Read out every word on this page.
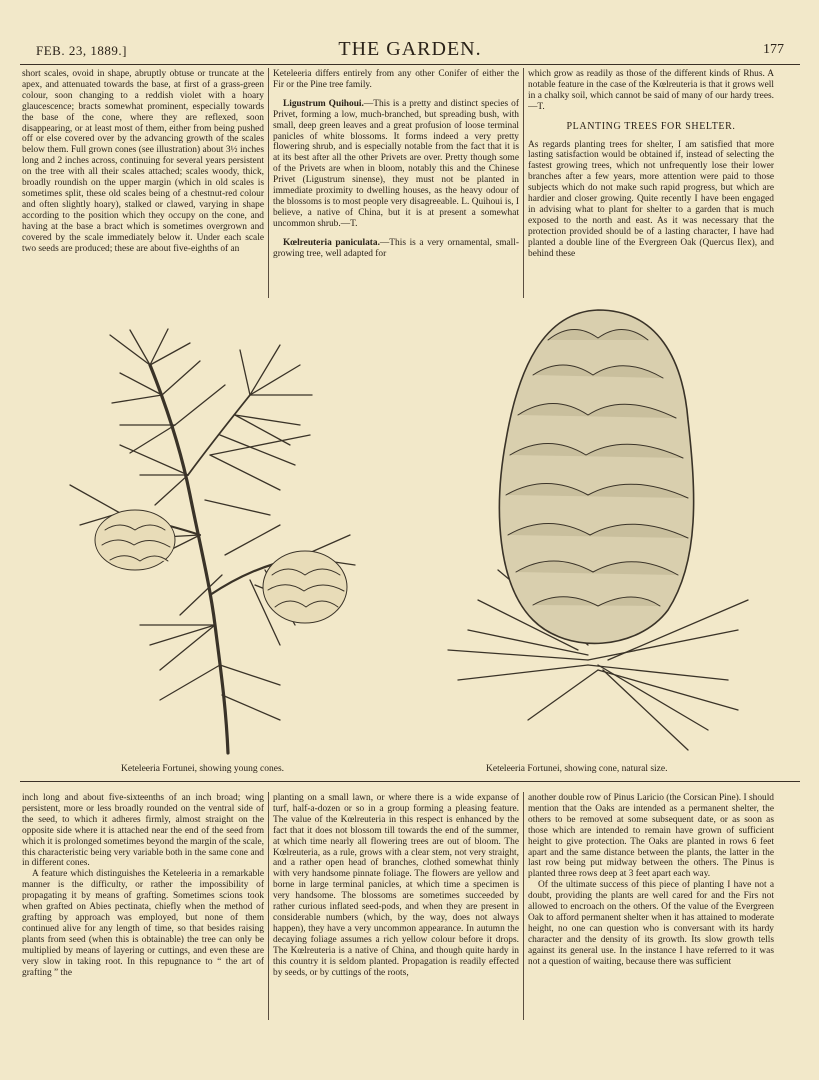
FEB. 23, 1889.]	THE GARDEN.	177

short scales, ovoid in shape, abruptly obtuse or truncate at the apex, and attenuated towards the base, at first of a grass-green colour, soon changing to a reddish violet with a hoary glaucescence; bracts somewhat prominent, especially towards the base of the cone, where they are reflexed, soon disappearing, or at least most of them, either from being pushed off or else covered over by the advancing growth of the scales below them. Full grown cones (see illustration) about 3½ inches long and 2 inches across, continuing for several years persistent on the tree with all their scales attached; scales woody, thick, broadly roundish on the upper margin (which in old scales is sometimes split, these old scales being of a chestnut-red colour and often slightly hoary), stalked or clawed, varying in shape according to the position which they occupy on the cone, and having at the base a bract which is sometimes overgrown and covered by the scale immediately below it. Under each scale two seeds are produced; these are about five-eighths of an

Keteleeria differs entirely from any other Conifer of either the Fir or the Pine tree family.

Ligustrum Quihoui.—This is a pretty and distinct species of Privet, forming a low, much-branched, but spreading bush, with small, deep green leaves and a great profusion of loose terminal panicles of white blossoms. It forms indeed a very pretty flowering shrub, and is especially notable from the fact that it is at its best after all the other Privets are over. Pretty though some of the Privets are when in bloom, notably this and the Chinese Privet (Ligustrum sinense), they must not be planted in immediate proximity to dwelling houses, as the heavy odour of the blossoms is to most people very disagreeable. L. Quihoui is, I believe, a native of China, but it is at present a somewhat uncommon shrub.—T.

Kœlreuteria paniculata.—This is a very ornamental, small-growing tree, well adapted for

which grow as readily as those of the different kinds of Rhus. A notable feature in the case of the Kœlreuteria is that it grows well in a chalky soil, which cannot be said of many of our hardy trees.—T.

PLANTING TREES FOR SHELTER.

As regards planting trees for shelter, I am satisfied that more lasting satisfaction would be obtained if, instead of selecting the fastest growing trees, which not unfrequently lose their lower branches after a few years, more attention were paid to those subjects which do not make such rapid progress, but which are hardier and closer growing. Quite recently I have been engaged in advising what to plant for shelter to a garden that is much exposed to the north and east. As it was necessary that the protection provided should be of a lasting character, I have had planted a double line of the Evergreen Oak (Quercus Ilex), and behind these

Keteleeria Fortunei, showing young cones.	Keteleeria Fortunei, showing cone, natural size.

inch long and about five-sixteenths of an inch broad; wing persistent, more or less broadly rounded on the ventral side of the seed, to which it adheres firmly, almost straight on the opposite side where it is attached near the end of the seed from which it is prolonged sometimes beyond the margin of the scale, this characteristic being very variable both in the same cone and in different cones.

A feature which distinguishes the Keteleeria in a remarkable manner is the difficulty, or rather the impossibility of propagating it by means of grafting. Sometimes scions took when grafted on Abies pectinata, chiefly when the method of grafting by approach was employed, but none of them continued alive for any length of time, so that besides raising plants from seed (when this is obtainable) the tree can only be multiplied by means of layering or cuttings, and even these are very slow in taking root. In this repugnance to “ the art of grafting ” the

planting on a small lawn, or where there is a wide expanse of turf, half-a-dozen or so in a group forming a pleasing feature. The value of the Kœlreuteria in this respect is enhanced by the fact that it does not blossom till towards the end of the summer, at which time nearly all flowering trees are out of bloom. The Kœlreuteria, as a rule, grows with a clear stem, not very straight, and a rather open head of branches, clothed somewhat thinly with very handsome pinnate foliage. The flowers are yellow and borne in large terminal panicles, at which time a specimen is very handsome. The blossoms are sometimes succeeded by rather curious inflated seed-pods, and when they are present in considerable numbers (which, by the way, does not always happen), they have a very uncommon appearance. In autumn the decaying foliage assumes a rich yellow colour before it drops. The Kœlreuteria is a native of China, and though quite hardy in this country it is seldom planted. Propagation is readily effected by seeds, or by cuttings of the roots,

another double row of Pinus Laricio (the Corsican Pine). I should mention that the Oaks are intended as a permanent shelter, the others to be removed at some subsequent date, or as soon as those which are intended to remain have grown of sufficient height to give protection. The Oaks are planted in rows 6 feet apart and the same distance between the plants, the latter in the last row being put midway between the others. The Pinus is planted three rows deep at 3 feet apart each way.

Of the ultimate success of this piece of planting I have not a doubt, providing the plants are well cared for and the Firs not allowed to encroach on the others. Of the value of the Evergreen Oak to afford permanent shelter when it has attained to moderate height, no one can question who is conversant with its hardy character and the density of its growth. Its slow growth tells against its general use. In the instance I have referred to it was not a question of waiting, because there was sufficient
